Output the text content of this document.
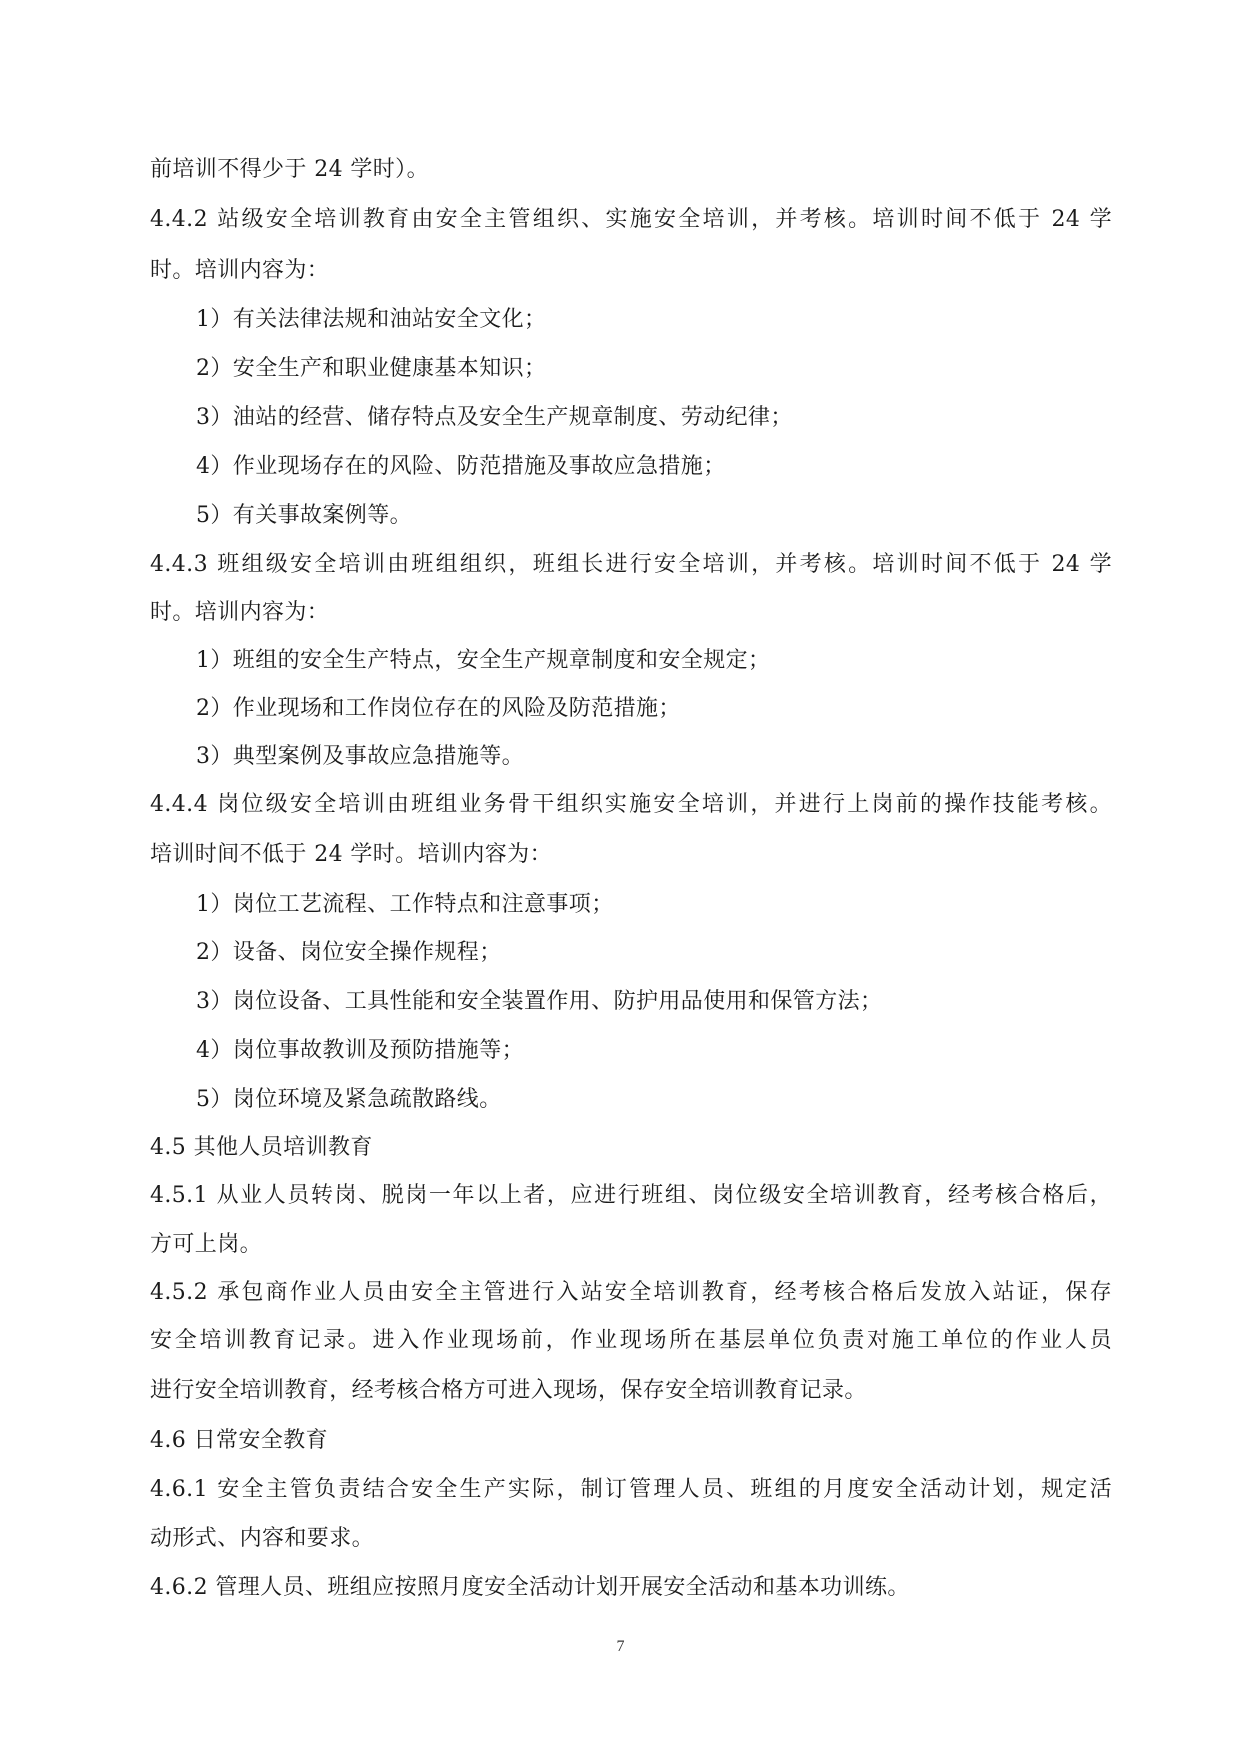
前培训不得少于 24 学时）。
4.4.2 站级安全培训教育由安全主管组织、实施安全培训，并考核。培训时间不低于 24 学
时。培训内容为：
1）有关法律法规和油站安全文化；
2）安全生产和职业健康基本知识；
3）油站的经营、储存特点及安全生产规章制度、劳动纪律；
4）作业现场存在的风险、防范措施及事故应急措施；
5）有关事故案例等。
4.4.3 班组级安全培训由班组组织，班组长进行安全培训，并考核。培训时间不低于 24 学
时。培训内容为：
1）班组的安全生产特点，安全生产规章制度和安全规定；
2）作业现场和工作岗位存在的风险及防范措施；
3）典型案例及事故应急措施等。
4.4.4 岗位级安全培训由班组业务骨干组织实施安全培训，并进行上岗前的操作技能考核。
培训时间不低于 24 学时。培训内容为：
1）岗位工艺流程、工作特点和注意事项；
2）设备、岗位安全操作规程；
3）岗位设备、工具性能和安全装置作用、防护用品使用和保管方法；
4）岗位事故教训及预防措施等；
5）岗位环境及紧急疏散路线。
4.5 其他人员培训教育
4.5.1 从业人员转岗、脱岗一年以上者，应进行班组、岗位级安全培训教育，经考核合格后，
方可上岗。
4.5.2 承包商作业人员由安全主管进行入站安全培训教育，经考核合格后发放入站证，保存
安全培训教育记录。进入作业现场前，作业现场所在基层单位负责对施工单位的作业人员
进行安全培训教育，经考核合格方可进入现场，保存安全培训教育记录。
4.6 日常安全教育
4.6.1 安全主管负责结合安全生产实际，制订管理人员、班组的月度安全活动计划，规定活
动形式、内容和要求。
4.6.2 管理人员、班组应按照月度安全活动计划开展安全活动和基本功训练。
7
